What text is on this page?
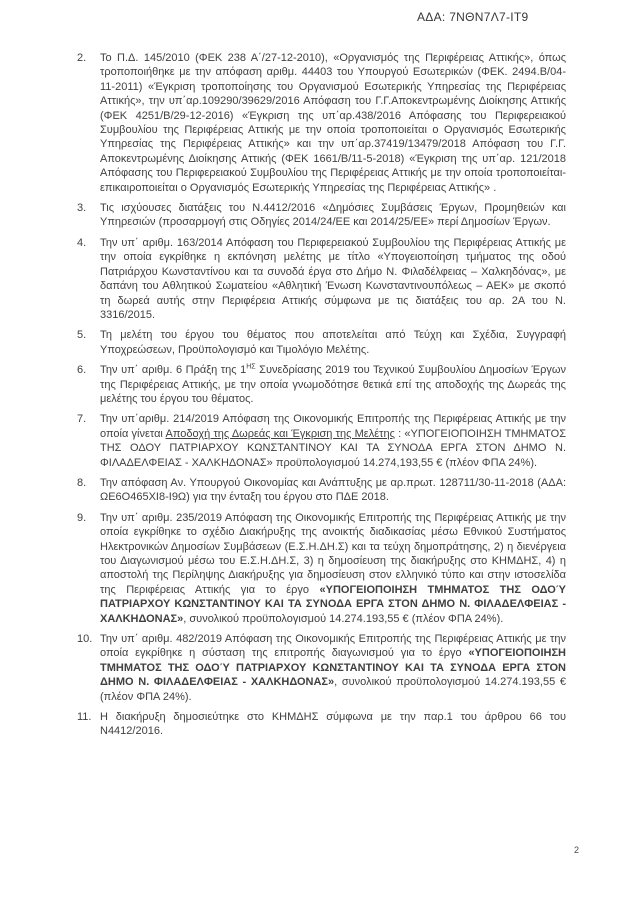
ΑΔΑ: 7ΝΘΝ7Λ7-ΙΤ9
2.	Το Π.Δ. 145/2010 (ΦΕΚ 238 Α΄/27-12-2010), «Οργανισμός της Περιφέρειας Αττικής», όπως τροποποιήθηκε με την απόφαση αριθμ. 44403 του Υπουργού Εσωτερικών (ΦΕΚ. 2494.Β/04-11-2011) «Έγκριση τροποποίησης του Οργανισμού Εσωτερικής Υπηρεσίας της Περιφέρειας Αττικής», την υπ΄αρ.109290/39629/2016 Απόφαση του Γ.Γ.Αποκεντρωμένης Διοίκησης Αττικής (ΦΕΚ 4251/Β/29-12-2016) «Έγκριση της υπ΄αρ.438/2016 Απόφασης του Περιφερειακού Συμβουλίου της Περιφέρειας Αττικής με την οποία τροποποιείται ο Οργανισμός Εσωτερικής Υπηρεσίας της Περιφέρειας Αττικής» και την υπ΄αρ.37419/13479/2018 Απόφαση του Γ.Γ. Αποκεντρωμένης Διοίκησης Αττικής (ΦΕΚ 1661/Β/11-5-2018) «Έγκριση της υπ΄αρ. 121/2018 Απόφασης του Περιφερειακού Συμβουλίου της Περιφέρειας Αττικής με την οποία τροποποιείται-επικαιροποιείται ο Οργανισμός Εσωτερικής Υπηρεσίας της Περιφέρειας Αττικής» .
3.	Τις ισχύουσες διατάξεις του Ν.4412/2016 «Δημόσιες Συμβάσεις Έργων, Προμηθειών και Υπηρεσιών (προσαρμογή στις Οδηγίες 2014/24/ΕΕ και 2014/25/ΕΕ» περί Δημοσίων Έργων.
4.	Την υπ΄ αριθμ. 163/2014 Απόφαση του Περιφερειακού Συμβουλίου της Περιφέρειας Αττικής με την οποία εγκρίθηκε η εκπόνηση μελέτης με τίτλο «Υπογειοποίηση τμήματος της οδού Πατριάρχου Κωνσταντίνου και τα συνοδά έργα στο Δήμο Ν. Φιλαδέλφειας – Χαλκηδόνας», με δαπάνη του Αθλητικού Σωματείου «Αθλητική Ένωση Κωνσταντινουπόλεως – ΑΕΚ» με σκοπό τη δωρεά αυτής στην Περιφέρεια Αττικής σύμφωνα με τις διατάξεις του αρ. 2Α του Ν. 3316/2015.
5.	Τη μελέτη του έργου του θέματος που αποτελείται από Τεύχη και Σχέδια, Συγγραφή Υποχρεώσεων, Προϋπολογισμό και Τιμολόγιο Μελέτης.
6.	Την υπ΄ αριθμ. 6 Πράξη της $1^{H\Sigma}$ Συνεδρίασης 2019 του Τεχνικού Συμβουλίου Δημοσίων Έργων της Περιφέρειας Αττικής, με την οποία γνωμοδότησε θετικά επί της αποδοχής της Δωρεάς της μελέτης του έργου του θέματος.
7.	Την υπ΄αριθμ. 214/2019 Απόφαση της Οικονομικής Επιτροπής της Περιφέρειας Αττικής με την οποία γίνεται Αποδοχή της Δωρεάς και Έγκριση της Μελέτης : «ΥΠΟΓΕΙΟΠΟΙΗΣΗ ΤΜΗΜΑΤΟΣ ΤΗΣ ΟΔΟΥ ΠΑΤΡΙΑΡΧΟΥ ΚΩΝΣΤΑΝΤΙΝΟΥ ΚΑΙ ΤΑ ΣΥΝΟΔΑ ΕΡΓΑ ΣΤΟΝ ΔΗΜΟ Ν. ΦΙΛΑΔΕΛΦΕΙΑΣ - ΧΑΛΚΗΔΟΝΑΣ» προϋπολογισμού 14.274,193,55 € (πλέον ΦΠΑ 24%).
8.	Την απόφαση Αν. Υπουργού Οικονομίας και Ανάπτυξης με αρ.πρωτ. 128711/30-11-2018 (ΑΔΑ: ΩΕ6Ο465ΧΙ8-Ι9Ω) για την ένταξη του έργου στο ΠΔΕ 2018.
9.	Την υπ΄ αριθμ. 235/2019 Απόφαση της Οικονομικής Επιτροπής της Περιφέρειας Αττικής με την οποία εγκρίθηκε το σχέδιο Διακήρυξης της ανοικτής διαδικασίας μέσω Εθνικού Συστήματος Ηλεκτρονικών Δημοσίων Συμβάσεων (Ε.Σ.Η.ΔΗ.Σ) και τα τεύχη δημοπράτησης, 2) η διενέργεια του Διαγωνισμού μέσω του Ε.Σ.Η.ΔΗ.Σ, 3) η δημοσίευση της διακήρυξης στο ΚΗΜΔΗΣ, 4) η αποστολή της Περίληψης Διακήρυξης για δημοσίευση στον ελληνικό τύπο και στην ιστοσελίδα της Περιφέρειας Αττικής για το έργο «ΥΠΟΓΕΙΟΠΟΙΗΣΗ ΤΜΗΜΑΤΟΣ ΤΗΣ ΟΔΟΎ ΠΑΤΡΙΑΡΧΟΥ ΚΩΝΣΤΑΝΤΙΝΟΥ ΚΑΙ ΤΑ ΣΥΝΟΔΑ ΕΡΓΑ ΣΤΟΝ ΔΗΜΟ Ν. ΦΙΛΑΔΕΛΦΕΙΑΣ - ΧΑΛΚΗΔΟΝΑΣ», συνολικού προϋπολογισμού 14.274.193,55 € (πλέον ΦΠΑ 24%).
10. Την υπ΄ αριθμ. 482/2019 Απόφαση της Οικονομικής Επιτροπής της Περιφέρειας Αττικής με την οποία εγκρίθηκε η σύσταση της επιτροπής διαγωνισμού για το έργο «ΥΠΟΓΕΙΟΠΟΙΗΣΗ ΤΜΗΜΑΤΟΣ ΤΗΣ ΟΔΟΎ ΠΑΤΡΙΑΡΧΟΥ ΚΩΝΣΤΑΝΤΙΝΟΥ ΚΑΙ ΤΑ ΣΥΝΟΔΑ ΕΡΓΑ ΣΤΟΝ ΔΗΜΟ Ν. ΦΙΛΑΔΕΛΦΕΙΑΣ - ΧΑΛΚΗΔΟΝΑΣ», συνολικού προϋπολογισμού 14.274.193,55 € (πλέον ΦΠΑ 24%).
11. Η διακήρυξη δημοσιεύτηκε στο ΚΗΜΔΗΣ σύμφωνα με την παρ.1 του άρθρου 66 του Ν4412/2016.
2
